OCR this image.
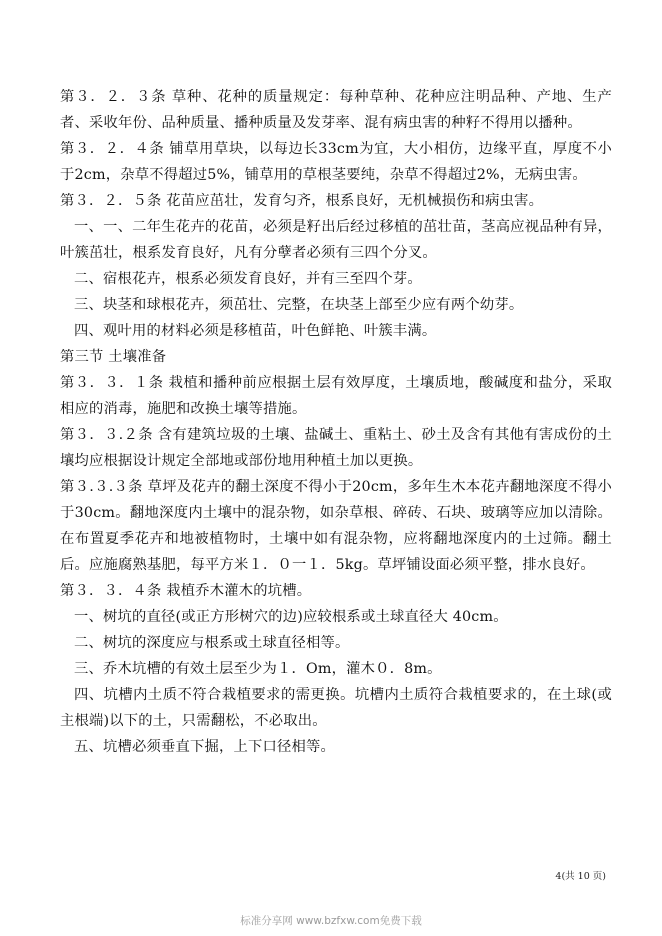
第３．２．３条 草种、花种的质量规定：每种草种、花种应注明品种、产地、生产者、采收年份、品种质量、播种质量及发芽率、混有病虫害的种籽不得用以播种。

第３．２．４条 铺草用草块，以每边长33cm为宜，大小相仿，边缘平直，厚度不小于2cm，杂草不得超过5%，铺草用的草根茎要纯，杂草不得超过2%，无病虫害。

第３．２．５条 花苗应茁壮，发育匀齐，根系良好，无机械损伤和病虫害。

一、一、二年生花卉的花苗，必须是籽出后经过移植的茁壮苗，茎高应视品种有异，叶簇茁壮，根系发育良好，凡有分孽者必须有三四个分叉。

二、宿根花卉，根系必须发育良好，并有三至四个芽。

三、块茎和球根花卉，须茁壮、完整，在块茎上部至少应有两个幼芽。

四、观叶用的材料必须是移植苗，叶色鲜艳、叶簇丰满。

第三节 土壤准备

第３．３．１条 栽植和播种前应根据土层有效厚度，土壤质地，酸碱度和盐分，采取相应的消毒，施肥和改换土壤等措施。

第３．３.２条 含有建筑垃圾的土壤、盐碱土、重粘土、砂土及含有其他有害成份的土壤均应根据设计规定全部地或部份地用种植土加以更换。

第３.３.３条 草坪及花卉的翻土深度不得小于20cm，多年生木本花卉翻地深度不得小于30cm。翻地深度内土壤中的混杂物，如杂草根、碎砖、石块、玻璃等应加以清除。在布置夏季花卉和地被植物时，土壤中如有混杂物，应将翻地深度内的土过筛。翻土后。应施腐熟基肥，每平方米１．０一１．5kg。草坪铺设面必须平整，排水良好。

第３．３．４条 栽植乔木灌木的坑槽。

一、树坑的直径(或正方形树穴的边)应较根系或土球直径大 40cm。

二、树坑的深度应与根系或土球直径相等。

三、乔木坑槽的有效土层至少为１．Om，灌木０．8m。

四、坑槽内土质不符合栽植要求的需更换。坑槽内土质符合栽植要求的，在土球(或主根端)以下的土，只需翻松，不必取出。

五、坑槽必须垂直下掘，上下口径相等。

4(共 10 页)
标准分享网 www.bzfxw.com免费下载
